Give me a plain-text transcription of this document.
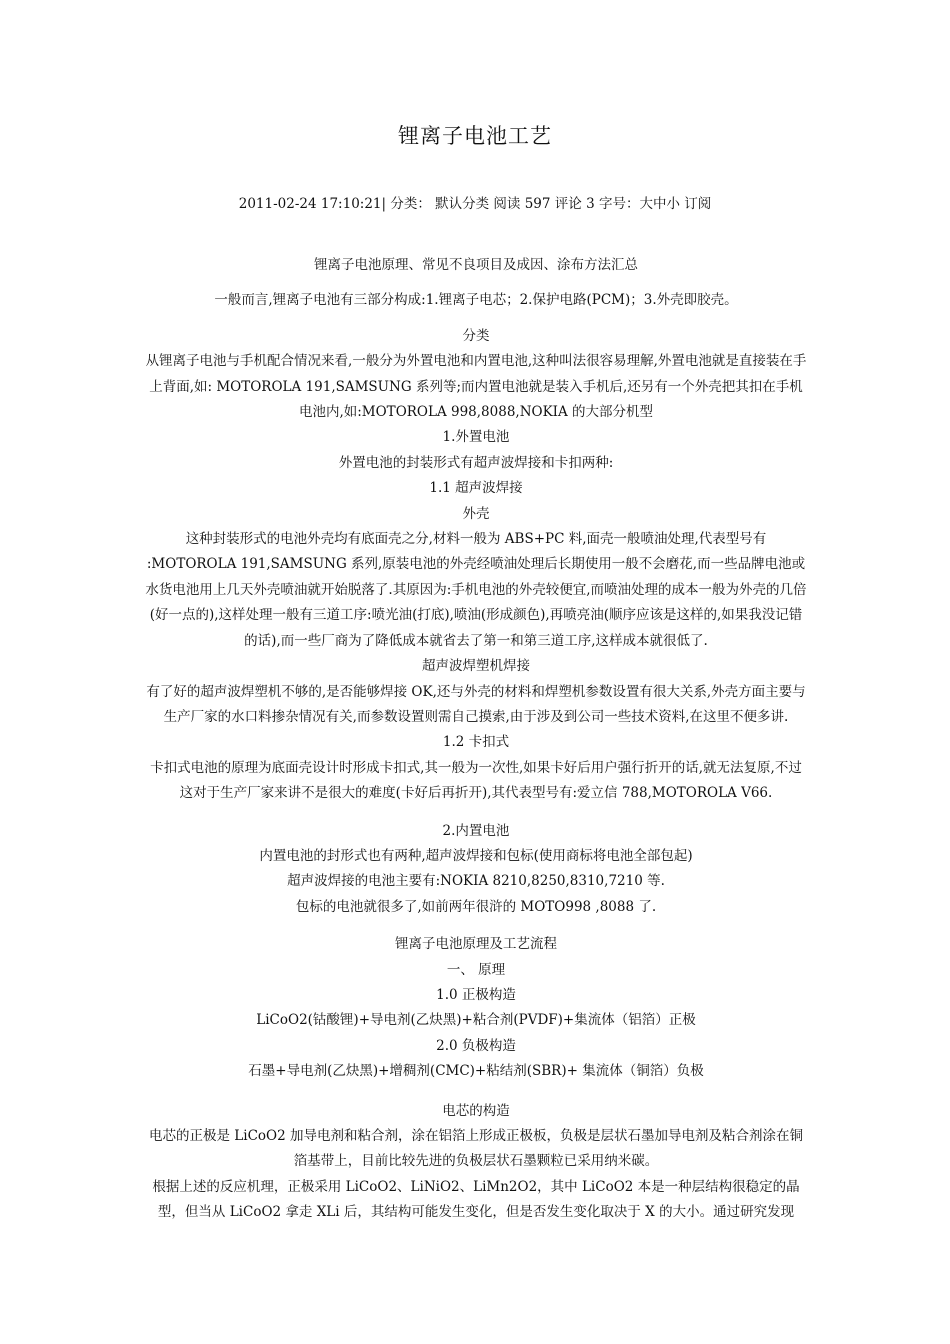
锂离子电池工艺
2011-02-24 17:10:21| 分类： 默认分类 阅读 597 评论 3 字号：大中小 订阅

锂离子电池原理、常见不良项目及成因、涂布方法汇总

一般而言,锂离子电池有三部分构成:1.锂离子电芯；2.保护电路(PCM)；3.外壳即胶壳。

分类

从锂离子电池与手机配合情况来看,一般分为外置电池和内置电池,这种叫法很容易理解,外置电池就是直接装在手上背面,如: MOTOROLA 191,SAMSUNG 系列等;而内置电池就是装入手机后,还另有一个外壳把其扣在手机电池内,如:MOTOROLA 998,8088,NOKIA 的大部分机型

1.外置电池

外置电池的封装形式有超声波焊接和卡扣两种:

1.1 超声波焊接

外壳

这种封装形式的电池外壳均有底面壳之分,材料一般为 ABS+PC 料,面壳一般喷油处理,代表型号有 :MOTOROLA 191,SAMSUNG 系列,原装电池的外壳经喷油处理后长期使用一般不会磨花,而一些品牌电池或水货电池用上几天外壳喷油就开始脱落了.其原因为:手机电池的外壳较便宜,而喷油处理的成本一般为外壳的几倍(好一点的),这样处理一般有三道工序:喷光油(打底),喷油(形成颜色),再喷亮油(顺序应该是这样的,如果我没记错的话),而一些厂商为了降低成本就省去了第一和第三道工序,这样成本就很低了.

超声波焊塑机焊接

有了好的超声波焊塑机不够的,是否能够焊接 OK,还与外壳的材料和焊塑机参数设置有很大关系,外壳方面主要与生产厂家的水口料掺杂情况有关,而参数设置则需自己摸索,由于涉及到公司一些技术资料,在这里不便多讲.

1.2 卡扣式

卡扣式电池的原理为底面壳设计时形成卡扣式,其一般为一次性,如果卡好后用户强行折开的话,就无法复原,不过这对于生产厂家来讲不是很大的难度(卡好后再折开),其代表型号有:爱立信 788,MOTOROLA V66.

2.内置电池

内置电池的封形式也有两种,超声波焊接和包标(使用商标将电池全部包起)

超声波焊接的电池主要有:NOKIA 8210,8250,8310,7210 等.

包标的电池就很多了,如前两年很浒的 MOTO998 ,8088 了.

锂离子电池原理及工艺流程

一、 原理

1.0 正极构造

LiCoO2(钴酸锂)+导电剂(乙炔黑)+粘合剂(PVDF)+集流体（铝箔）正极

2.0 负极构造

石墨+导电剂(乙炔黑)+增稠剂(CMC)+粘结剂(SBR)+ 集流体（铜箔）负极

电芯的构造

电芯的正极是 LiCoO2 加导电剂和粘合剂，涂在铝箔上形成正极板，负极是层状石墨加导电剂及粘合剂涂在铜箔基带上，目前比较先进的负极层状石墨颗粒已采用纳米碳。

根据上述的反应机理，正极采用 LiCoO2、LiNiO2、LiMn2O2，其中 LiCoO2 本是一种层结构很稳定的晶型，但当从 LiCoO2 拿走 XLi 后，其结构可能发生变化，但是否发生变化取决于 X 的大小。通过研究发现
